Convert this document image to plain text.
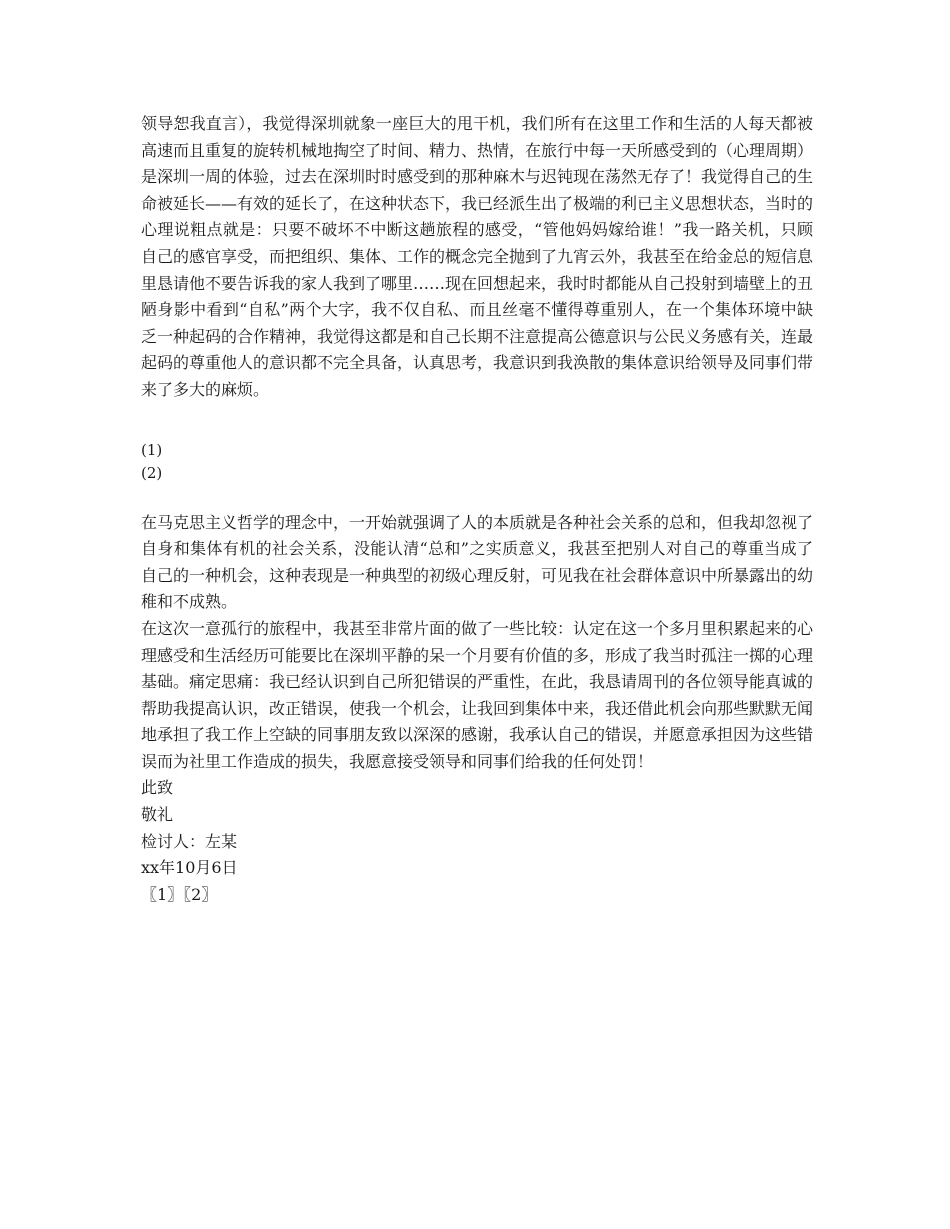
领导恕我直言），我觉得深圳就象一座巨大的甩干机，我们所有在这里工作和生活的人每天都被高速而且重复的旋转机械地掏空了时间、精力、热情，在旅行中每一天所感受到的（心理周期）是深圳一周的体验，过去在深圳时时感受到的那种麻木与迟钝现在荡然无存了！我觉得自己的生命被延长——有效的延长了，在这种状态下，我已经派生出了极端的利已主义思想状态，当时的心理说粗点就是：只要不破坏不中断这趟旅程的感受，“管他妈妈嫁给谁！”我一路关机，只顾自己的感官享受，而把组织、集体、工作的概念完全抛到了九宵云外，我甚至在给金总的短信息里恳请他不要告诉我的家人我到了哪里……现在回想起来，我时时都能从自己投射到墙壁上的丑陋身影中看到“自私”两个大字，我不仅自私、而且丝毫不懂得尊重别人，在一个集体环境中缺乏一种起码的合作精神，我觉得这都是和自己长期不注意提高公德意识与公民义务感有关，连最起码的尊重他人的意识都不完全具备，认真思考，我意识到我涣散的集体意识给领导及同事们带来了多大的麻烦。

(1)

(2)

在马克思主义哲学的理念中，一开始就强调了人的本质就是各种社会关系的总和，但我却忽视了自身和集体有机的社会关系，没能认清“总和”之实质意义，我甚至把别人对自己的尊重当成了自己的一种机会，这种表现是一种典型的初级心理反射，可见我在社会群体意识中所暴露出的幼稚和不成熟。

在这次一意孤行的旅程中，我甚至非常片面的做了一些比较：认定在这一个多月里积累起来的心理感受和生活经历可能要比在深圳平静的呆一个月要有价值的多，形成了我当时孤注一掷的心理基础。痛定思痛：我已经认识到自己所犯错误的严重性，在此，我恳请周刊的各位领导能真诚的帮助我提高认识，改正错误，使我一个机会，让我回到集体中来，我还借此机会向那些默默无闻地承担了我工作上空缺的同事朋友致以深深的感谢，我承认自己的错误，并愿意承担因为这些错误而为社里工作造成的损失，我愿意接受领导和同事们给我的任何处罚！

此致

敬礼

检讨人：左某

xx年10月6日

〖1〗〖2〗
